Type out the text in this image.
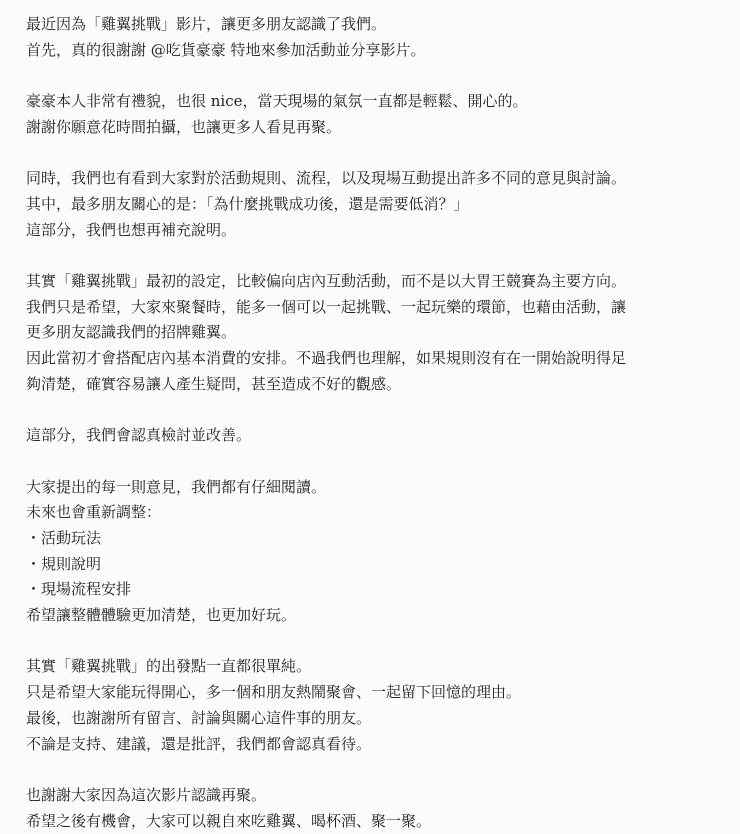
最近因為「雞翼挑戰」影片，讓更多朋友認識了我們。
首先，真的很謝謝 @吃貨豪豪 特地來參加活動並分享影片。
豪豪本人非常有禮貌，也很 nice，當天現場的氣氛一直都是輕鬆、開心的。
謝謝你願意花時間拍攝，也讓更多人看見再聚。
同時，我們也有看到大家對於活動規則、流程，以及現場互動提出許多不同的意見與討論。
其中，最多朋友關心的是：「為什麼挑戰成功後，還是需要低消？」
這部分，我們也想再補充說明。
其實「雞翼挑戰」最初的設定，比較偏向店內互動活動，而不是以大胃王競賽為主要方向。
我們只是希望，大家來聚餐時，能多一個可以一起挑戰、一起玩樂的環節，也藉由活動，讓
更多朋友認識我們的招牌雞翼。
因此當初才會搭配店內基本消費的安排。不過我們也理解，如果規則沒有在一開始說明得足
夠清楚，確實容易讓人產生疑問，甚至造成不好的觀感。
這部分，我們會認真檢討並改善。
大家提出的每一則意見，我們都有仔細閱讀。
未來也會重新調整：
・活動玩法
・規則說明
・現場流程安排
希望讓整體體驗更加清楚，也更加好玩。
其實「雞翼挑戰」的出發點一直都很單純。
只是希望大家能玩得開心，多一個和朋友熱鬧聚會、一起留下回憶的理由。
最後，也謝謝所有留言、討論與關心這件事的朋友。
不論是支持、建議，還是批評，我們都會認真看待。
也謝謝大家因為這次影片認識再聚。
希望之後有機會，大家可以親自來吃雞翼、喝杯酒、聚一聚。
